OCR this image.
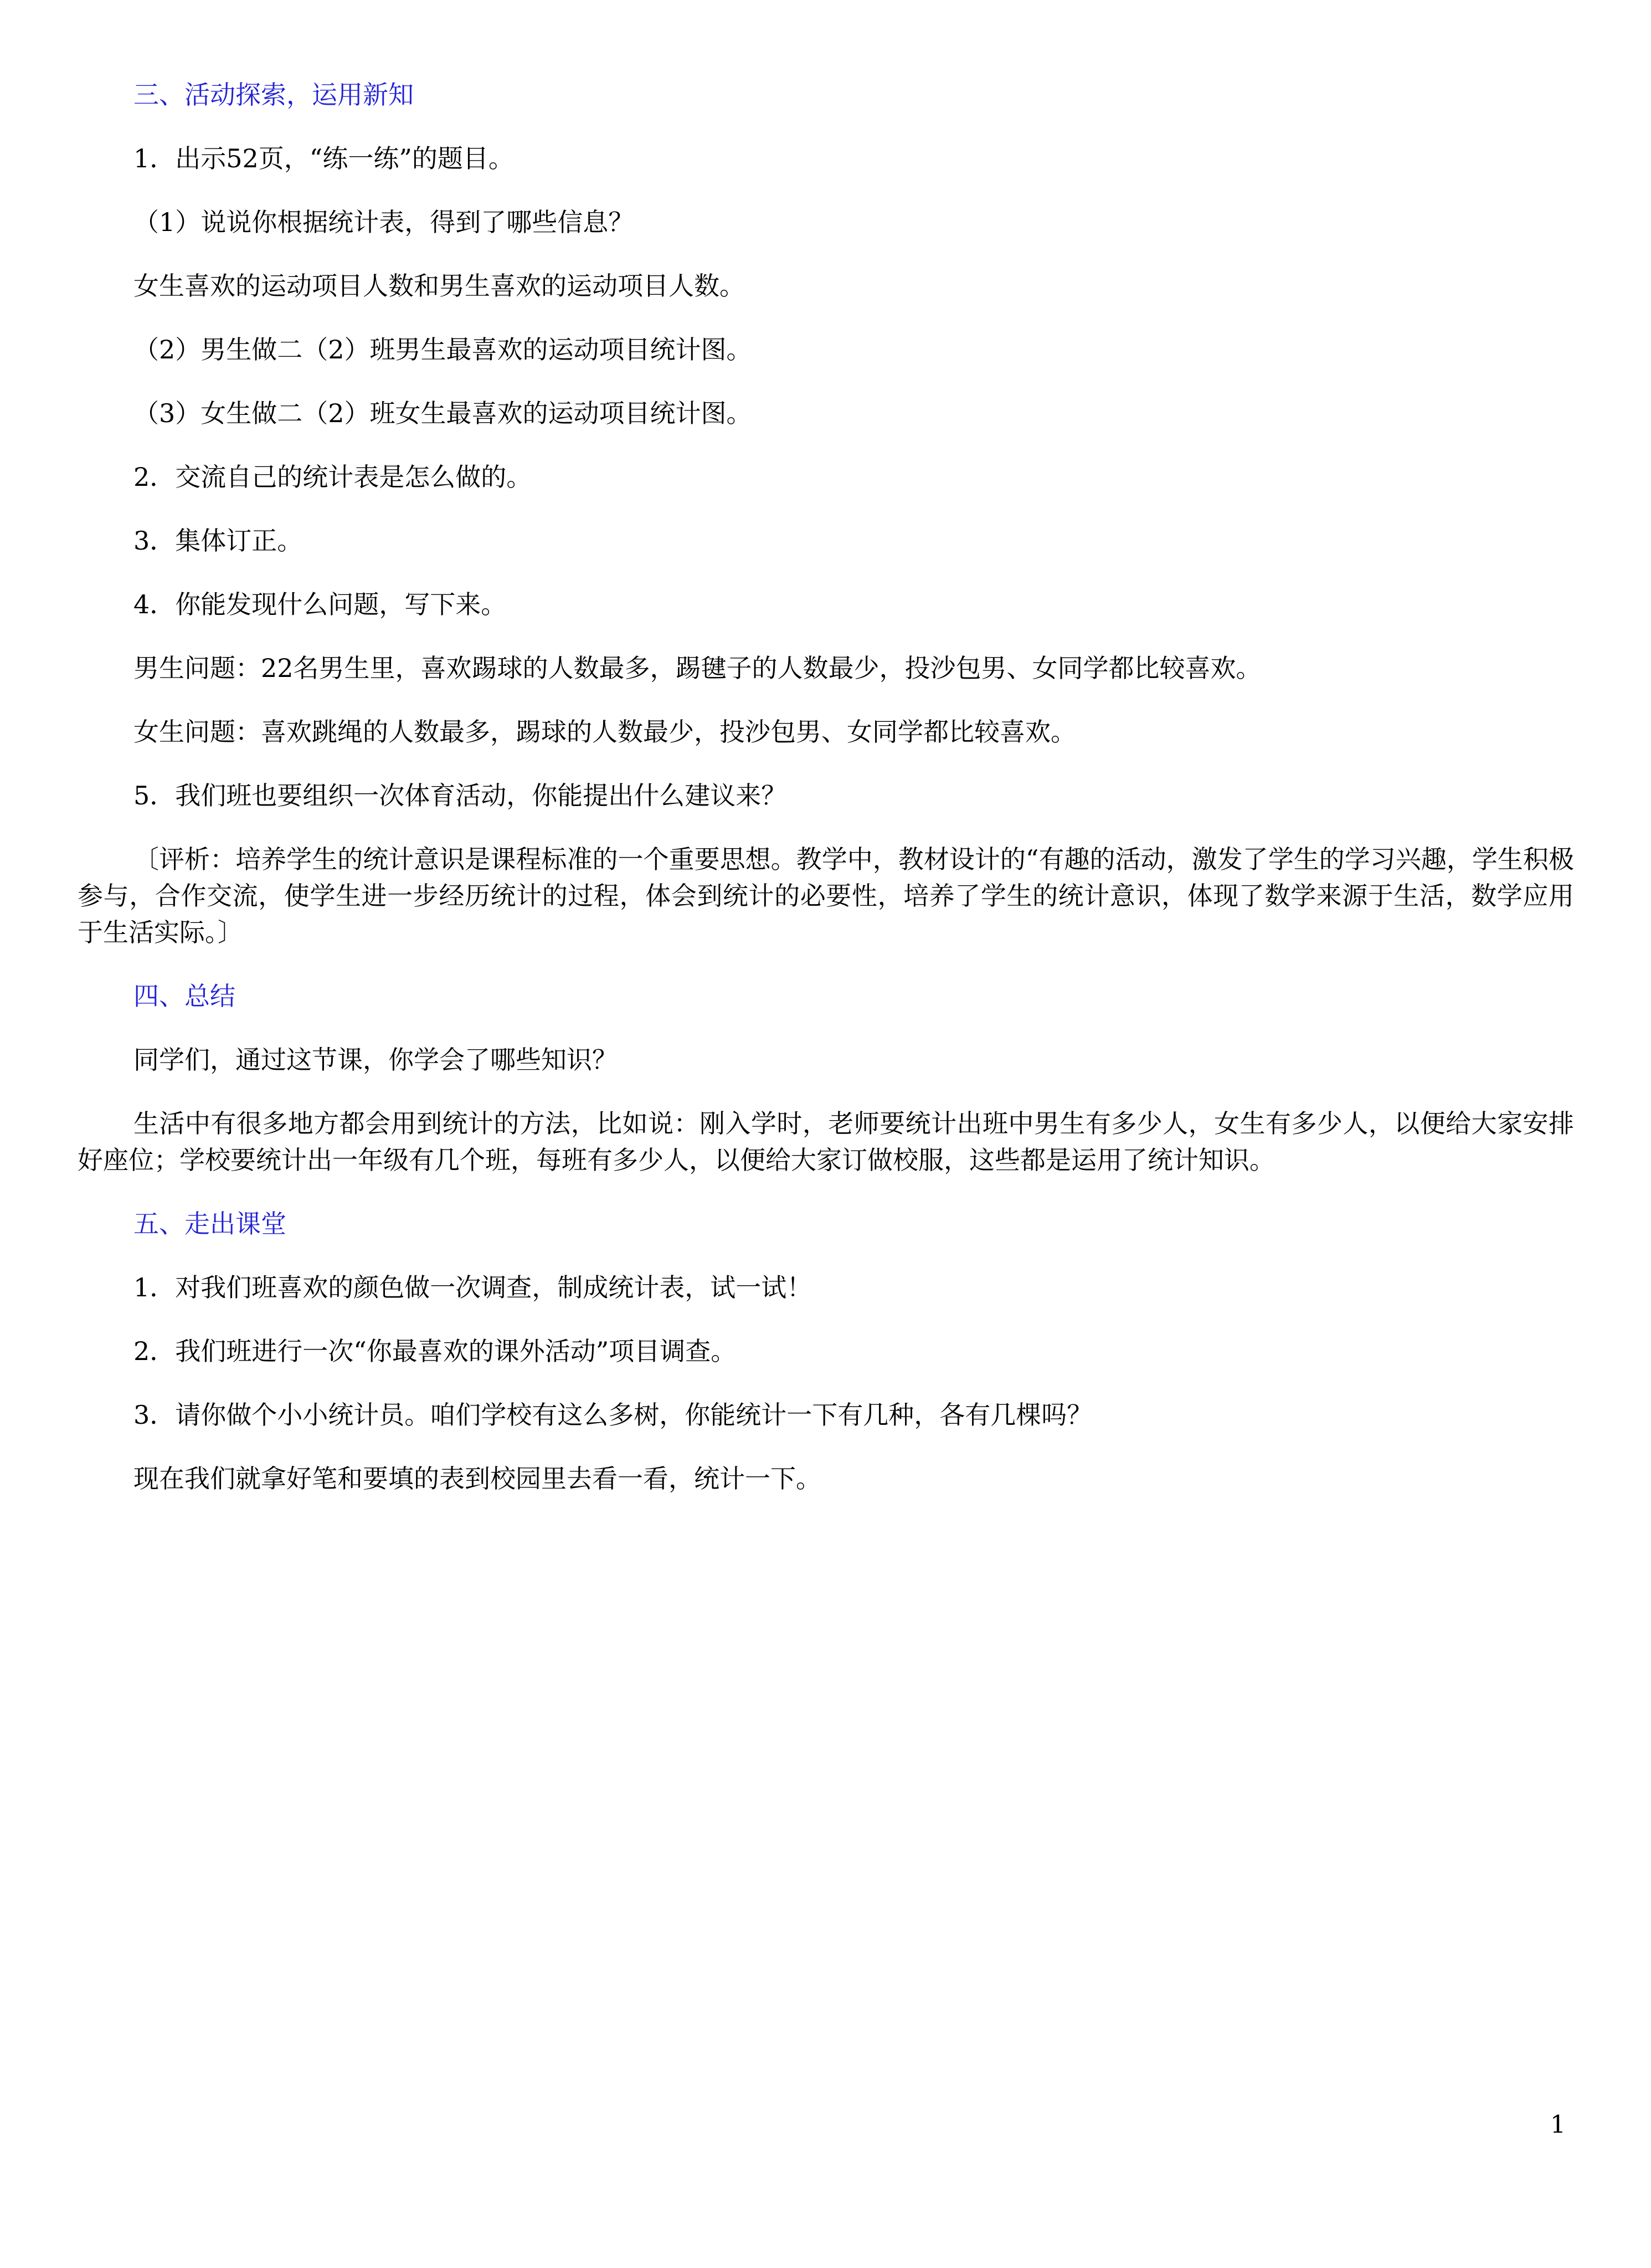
三、活动探索，运用新知

1．出示52页，“练一练”的题目。

（1）说说你根据统计表，得到了哪些信息？

女生喜欢的运动项目人数和男生喜欢的运动项目人数。

（2）男生做二（2）班男生最喜欢的运动项目统计图。

（3）女生做二（2）班女生最喜欢的运动项目统计图。

2．交流自己的统计表是怎么做的。

3．集体订正。

4．你能发现什么问题，写下来。

男生问题：22名男生里，喜欢踢球的人数最多，踢毽子的人数最少，投沙包男、女同学都比较喜欢。

女生问题：喜欢跳绳的人数最多，踢球的人数最少，投沙包男、女同学都比较喜欢。

5．我们班也要组织一次体育活动，你能提出什么建议来？

〔评析：培养学生的统计意识是课程标准的一个重要思想。教学中，教材设计的“有趣的活动，激发了学生的学习兴趣，学生积极参与，合作交流，使学生进一步经历统计的过程，体会到统计的必要性，培养了学生的统计意识，体现了数学来源于生活，数学应用于生活实际。〕

四、总结

同学们，通过这节课，你学会了哪些知识？

生活中有很多地方都会用到统计的方法，比如说：刚入学时，老师要统计出班中男生有多少人，女生有多少人，以便给大家安排好座位；学校要统计出一年级有几个班，每班有多少人，以便给大家订做校服，这些都是运用了统计知识。

五、走出课堂

1．对我们班喜欢的颜色做一次调查，制成统计表，试一试！

2．我们班进行一次“你最喜欢的课外活动”项目调查。

3．请你做个小小统计员。咱们学校有这么多树，你能统计一下有几种，各有几棵吗？

现在我们就拿好笔和要填的表到校园里去看一看，统计一下。

1
